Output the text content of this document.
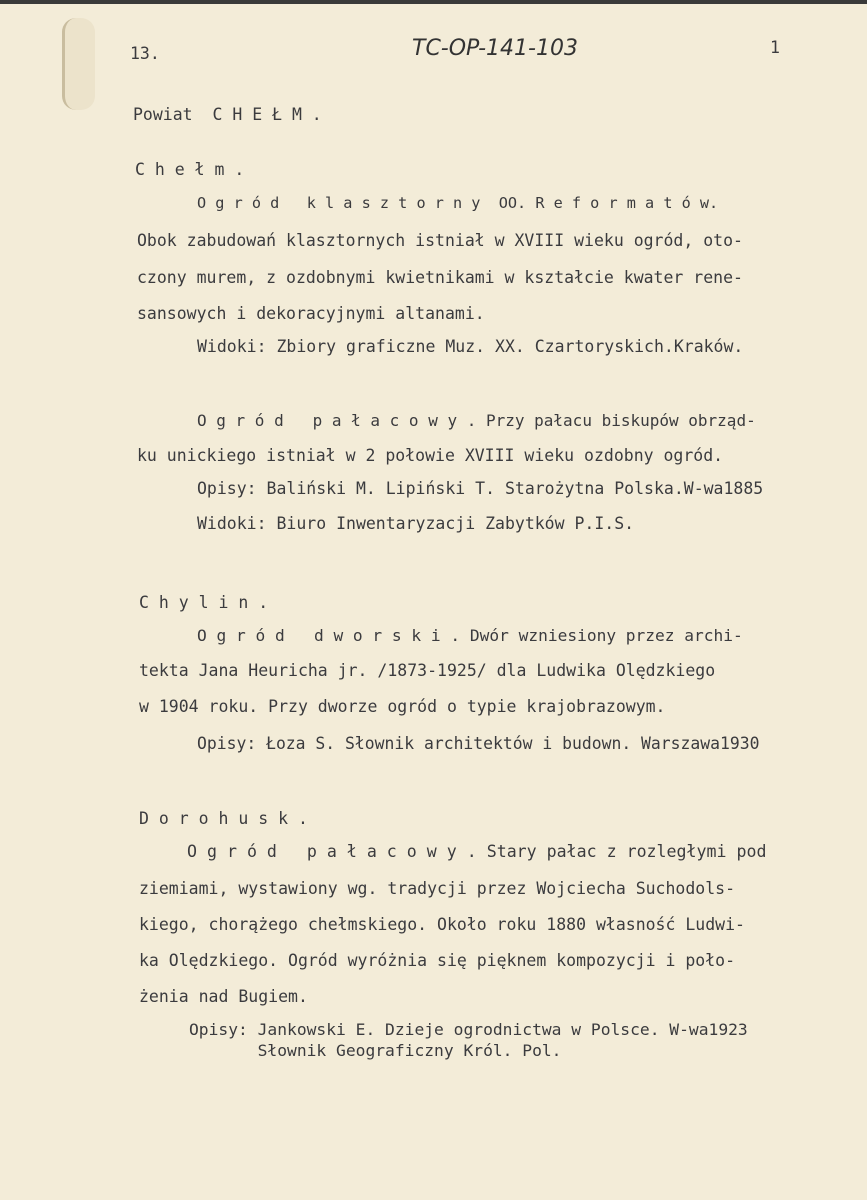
13.	TC-OP-141-103	1
Powiat  C H E Ł M .
C h e ł m .
O g r ó d   k l a s z t o r n y  OO. R e f o r m a t ó w.
Obok zabudowań klasztornych istniał w XVIII wieku ogród, oto-
czony murem, z ozdobnymi kwietnikami w kształcie kwater rene-
sansowych i dekoracyjnymi altanami.
Widoki: Zbiory graficzne Muz. XX. Czartoryskich.Kraków.
O g r ó d   p a ł a c o w y . Przy pałacu biskupów obrząd-
ku unickiego istniał w 2 połowie XVIII wieku ozdobny ogród.
Opisy: Baliński M. Lipiński T. Starożytna Polska.W-wa1885
Widoki: Biuro Inwentaryzacji Zabytków P.I.S.
C h y l i n .
O g r ó d   d w o r s k i . Dwór wzniesiony przez archi-
tekta Jana Heuricha jr. /1873-1925/ dla Ludwika Olędzkiego
w 1904 roku. Przy dworze ogród o typie krajobrazowym.
Opisy: Łoza S. Słownik architektów i budown. Warszawa1930
D o r o h u s k .
O g r ó d   p a ł a c o w y . Stary pałac z rozległymi pod
ziemiami, wystawiony wg. tradycji przez Wojciecha Suchodols-
kiego, chorążego chełmskiego. Około roku 1880 własność Ludwi-
ka Olędzkiego. Ogród wyróżnia się pięknem kompozycji i poło-
żenia nad Bugiem.
Opisy: Jankowski E. Dzieje ogrodnictwa w Polsce. W-wa1923
Słownik Geograficzny Król. Pol.
